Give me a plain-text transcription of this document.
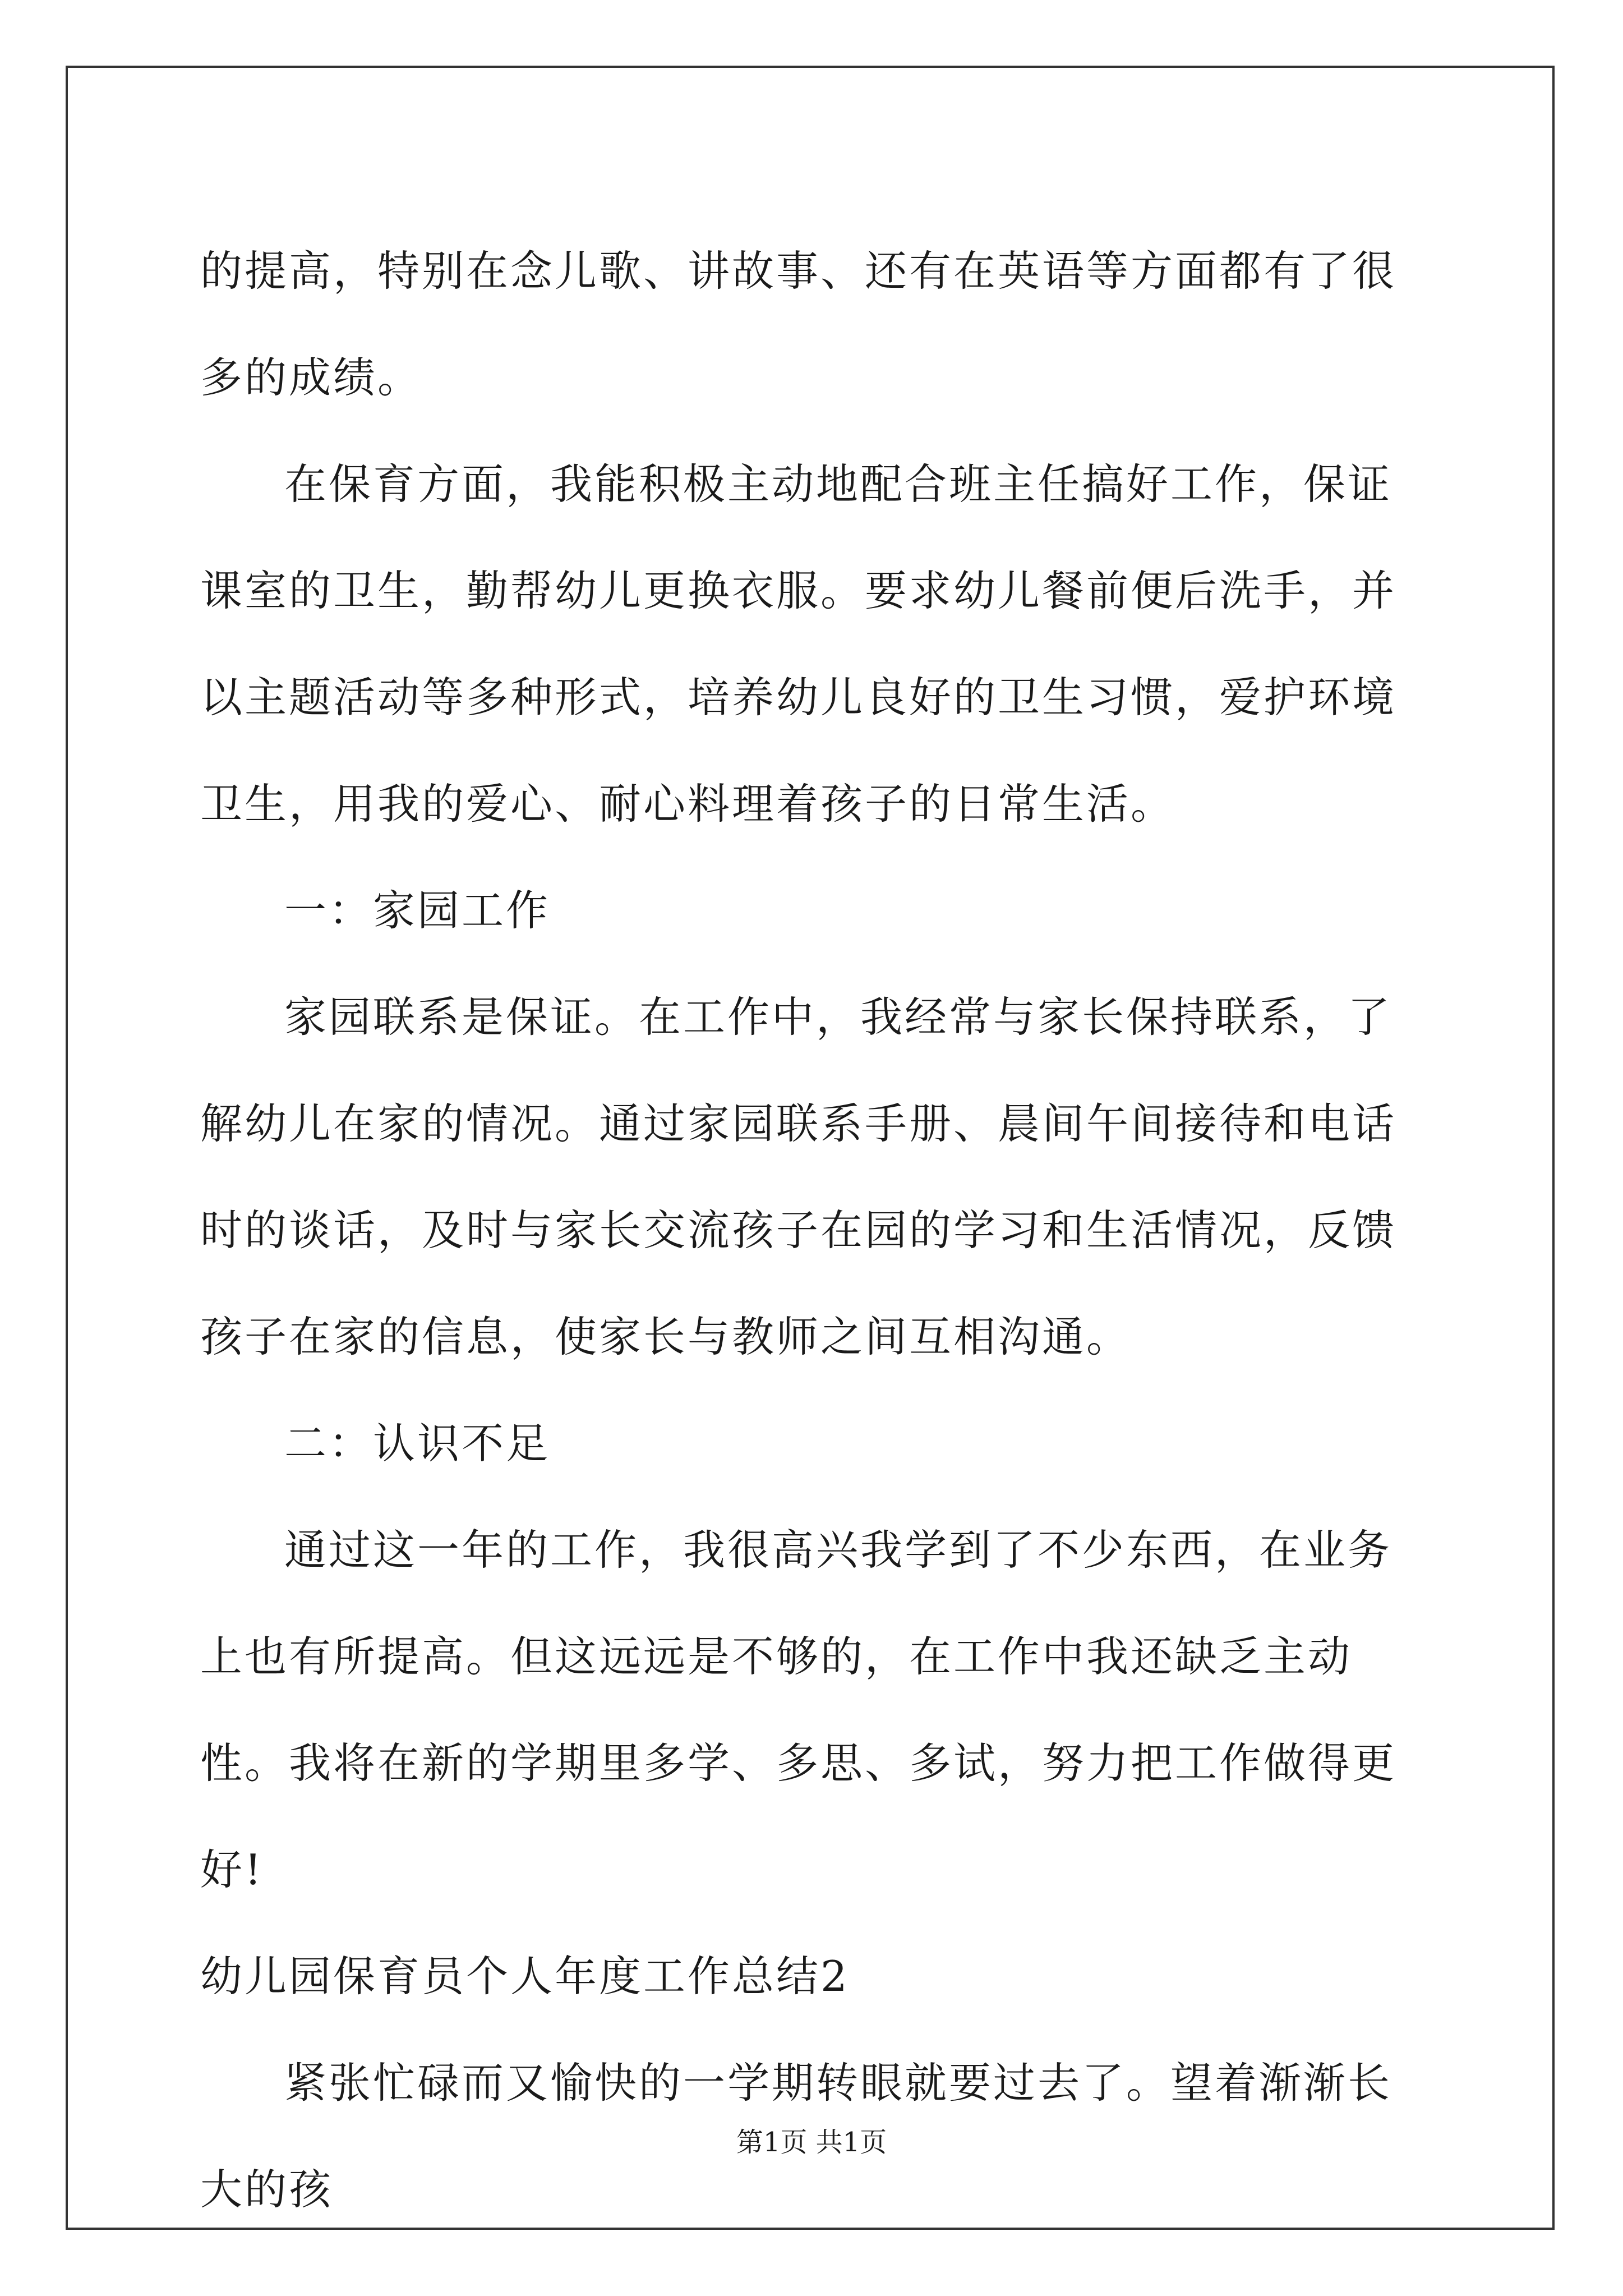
的提高，特别在念儿歌、讲故事、还有在英语等方面都有了很多的成绩。

在保育方面，我能积极主动地配合班主任搞好工作，保证课室的卫生，勤帮幼儿更换衣服。要求幼儿餐前便后洗手，并以主题活动等多种形式，培养幼儿良好的卫生习惯，爱护环境卫生，用我的爱心、耐心料理着孩子的日常生活。

一：家园工作

家园联系是保证。在工作中，我经常与家长保持联系，了解幼儿在家的情况。通过家园联系手册、晨间午间接待和电话时的谈话，及时与家长交流孩子在园的学习和生活情况，反馈孩子在家的信息，使家长与教师之间互相沟通。

二：认识不足

通过这一年的工作，我很高兴我学到了不少东西，在业务上也有所提高。但这远远是不够的，在工作中我还缺乏主动性。我将在新的学期里多学、多思、多试，努力把工作做得更好!

幼儿园保育员个人年度工作总结2

紧张忙碌而又愉快的一学期转眼就要过去了。望着渐渐长大的孩

第1页 共1页
